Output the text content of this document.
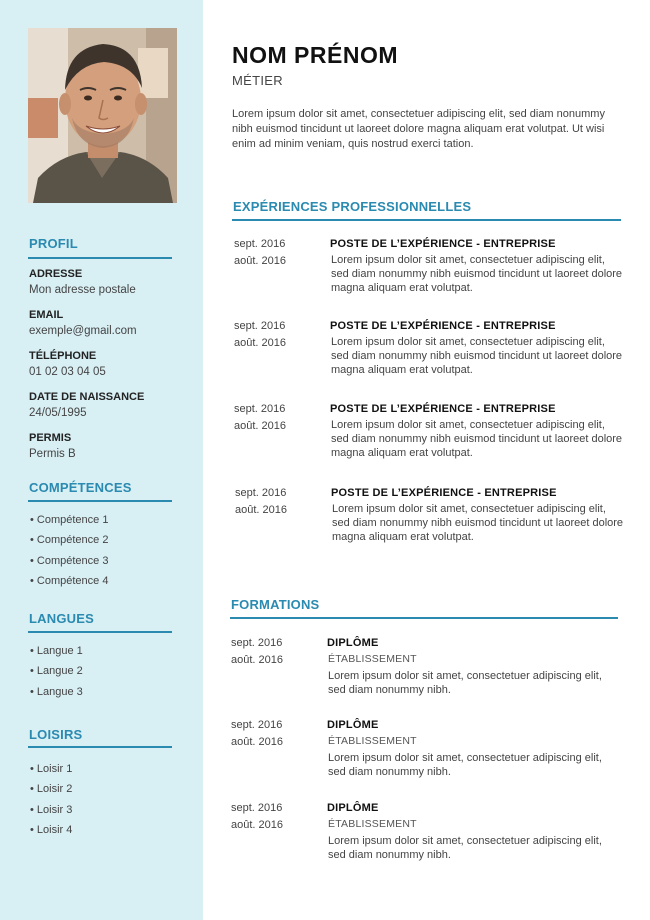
PROFIL
ADRESSE
Mon adresse postale
EMAIL
exemple@gmail.com
TÉLÉPHONE
01 02 03 04 05
DATE DE NAISSANCE
24/05/1995
PERMIS
Permis B
COMPÉTENCES
• Compétence 1
• Compétence 2
• Compétence 3
• Compétence 4
LANGUES
• Langue 1
• Langue 2
• Langue 3
LOISIRS
• Loisir 1
• Loisir 2
• Loisir 3
• Loisir 4
NOM PRÉNOM
MÉTIER
Lorem ipsum dolor sit amet, consectetuer adipiscing elit, sed diam nonummy nibh euismod tincidunt ut laoreet dolore magna aliquam erat volutpat. Ut wisi enim ad minim veniam, quis nostrud exerci tation.
EXPÉRIENCES PROFESSIONNELLES
sept. 2016
août. 2016
POSTE DE L’EXPÉRIENCE - ENTREPRISE
Lorem ipsum dolor sit amet, consectetuer adipiscing elit, sed diam nonummy nibh euismod tincidunt ut laoreet dolore magna aliquam erat volutpat.
sept. 2016
août. 2016
POSTE DE L’EXPÉRIENCE - ENTREPRISE
Lorem ipsum dolor sit amet, consectetuer adipiscing elit, sed diam nonummy nibh euismod tincidunt ut laoreet dolore magna aliquam erat volutpat.
sept. 2016
août. 2016
POSTE DE L’EXPÉRIENCE - ENTREPRISE
Lorem ipsum dolor sit amet, consectetuer adipiscing elit, sed diam nonummy nibh euismod tincidunt ut laoreet dolore magna aliquam erat volutpat.
sept. 2016
août. 2016
POSTE DE L’EXPÉRIENCE - ENTREPRISE
Lorem ipsum dolor sit amet, consectetuer adipiscing elit, sed diam nonummy nibh euismod tincidunt ut laoreet dolore magna aliquam erat volutpat.
FORMATIONS
sept. 2016
août. 2016
DIPLÔME
ÉTABLISSEMENT
Lorem ipsum dolor sit amet, consectetuer adipiscing elit, sed diam nonummy nibh.
sept. 2016
août. 2016
DIPLÔME
ÉTABLISSEMENT
Lorem ipsum dolor sit amet, consectetuer adipiscing elit, sed diam nonummy nibh.
sept. 2016
août. 2016
DIPLÔME
ÉTABLISSEMENT
Lorem ipsum dolor sit amet, consectetuer adipiscing elit, sed diam nonummy nibh.
